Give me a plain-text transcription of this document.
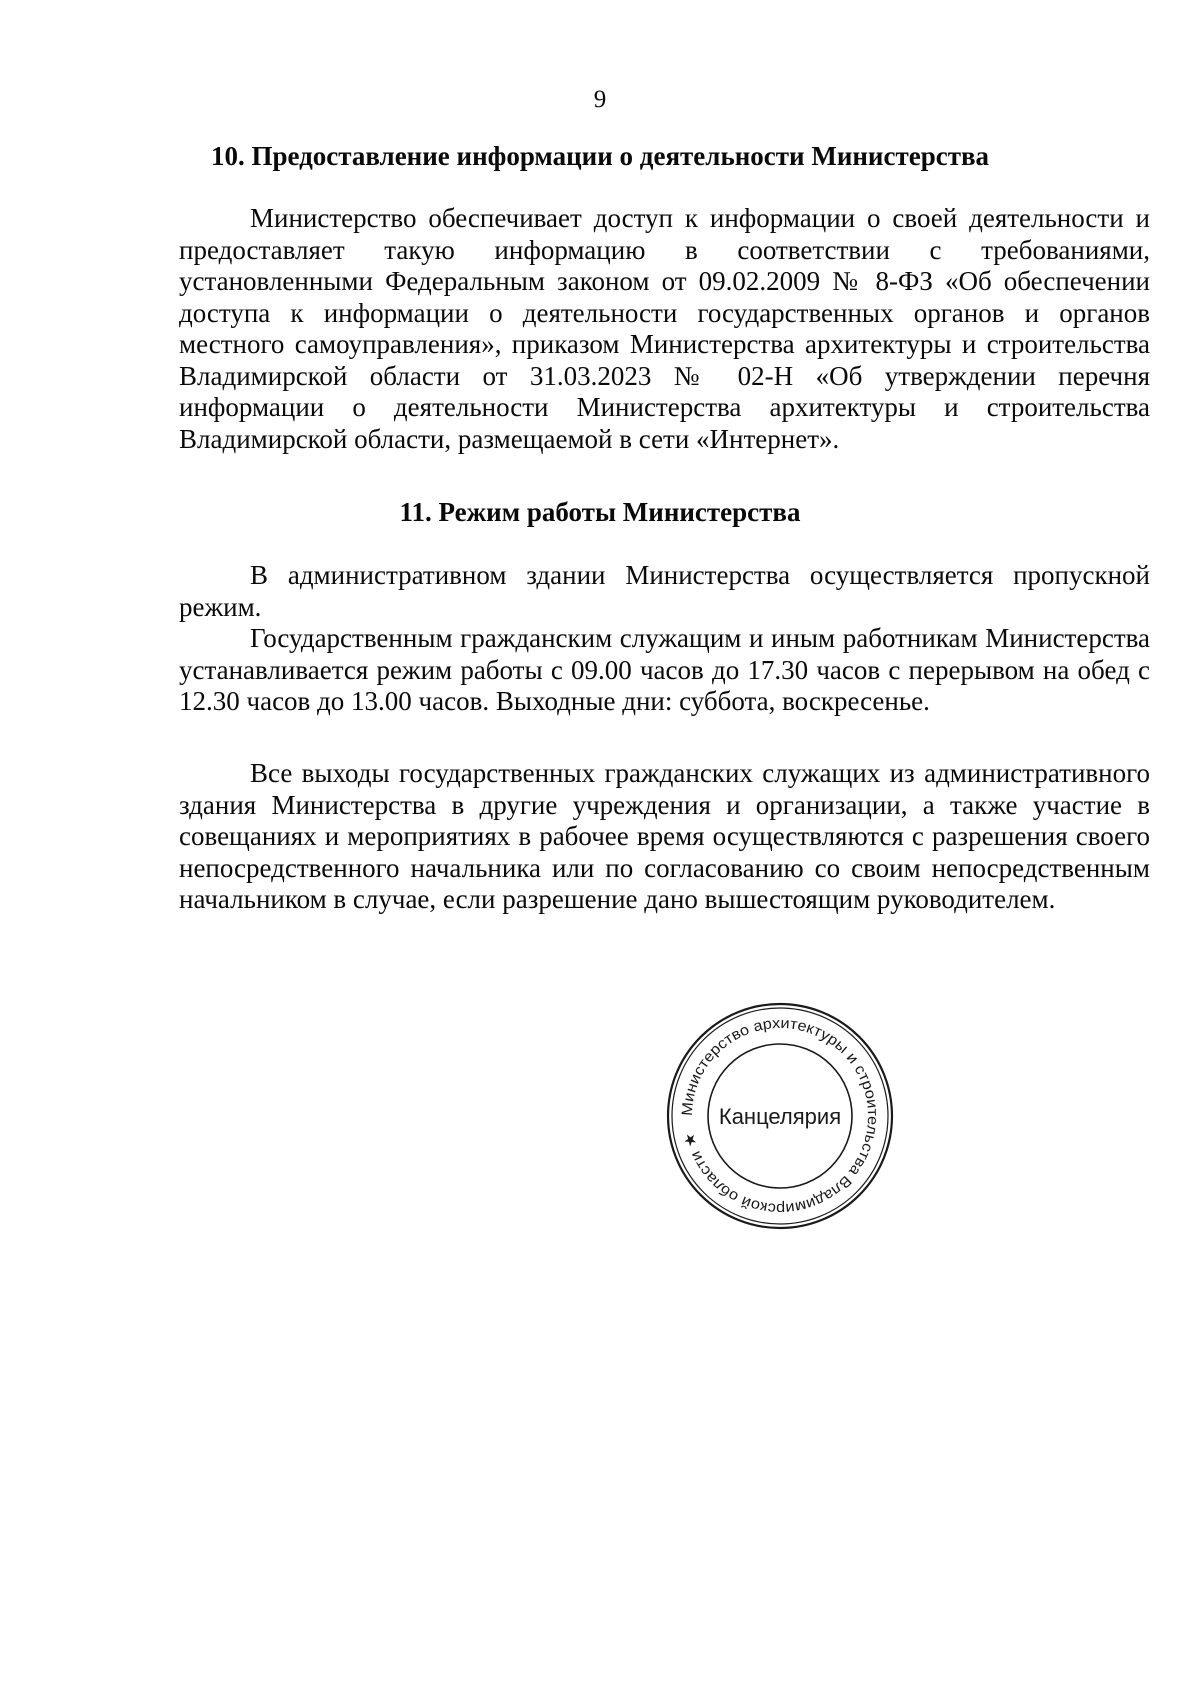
9
10. Предоставление информации о деятельности Министерства

Министерство обеспечивает доступ к информации о своей деятельности и предоставляет такую информацию в соответствии с требованиями, установленными Федеральным законом от 09.02.2009 № 8-ФЗ «Об обеспечении доступа к информации о деятельности государственных органов и органов местного самоуправления», приказом Министерства архитектуры и строительства Владимирской области от 31.03.2023 № 02-Н «Об утверждении перечня информации о деятельности Министерства архитектуры и строительства Владимирской области, размещаемой в сети «Интернет».

11. Режим работы Министерства

В административном здании Министерства осуществляется пропускной режим.

Государственным гражданским служащим и иным работникам Министерства устанавливается режим работы с 09.00 часов до 17.30 часов с перерывом на обед с 12.30 часов до 13.00 часов. Выходные дни: суббота, воскресенье.

Все выходы государственных гражданских служащих из административного здания Министерства в другие учреждения и организации, а также участие в совещаниях и мероприятиях в рабочее время осуществляются с разрешения своего непосредственного начальника или по согласованию со своим непосредственным начальником в случае, если разрешение дано вышестоящим руководителем.

Министерство архитектуры и строительства Владимирской области ★
Канцелярия
